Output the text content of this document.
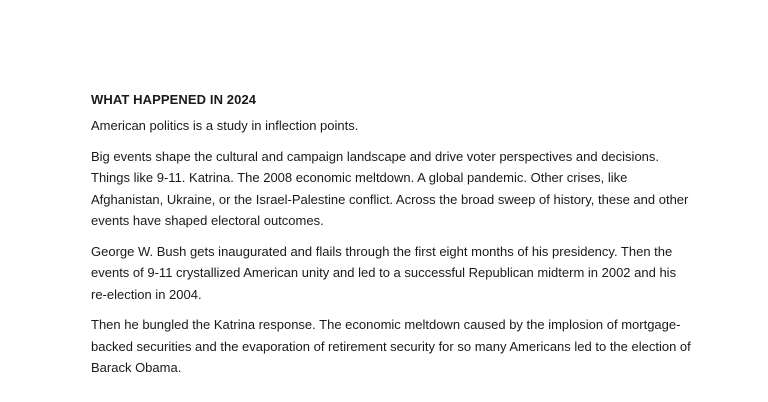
WHAT HAPPENED IN 2024

American politics is a study in inflection points.

Big events shape the cultural and campaign landscape and drive voter perspectives and decisions. Things like 9-11. Katrina. The 2008 economic meltdown. A global pandemic. Other crises, like Afghanistan, Ukraine, or the Israel-Palestine conflict. Across the broad sweep of history, these and other events have shaped electoral outcomes.

George W. Bush gets inaugurated and flails through the first eight months of his presidency. Then the events of 9-11 crystallized American unity and led to a successful Republican midterm in 2002 and his re-election in 2004.

Then he bungled the Katrina response. The economic meltdown caused by the implosion of mortgage-backed securities and the evaporation of retirement security for so many Americans led to the election of Barack Obama.
